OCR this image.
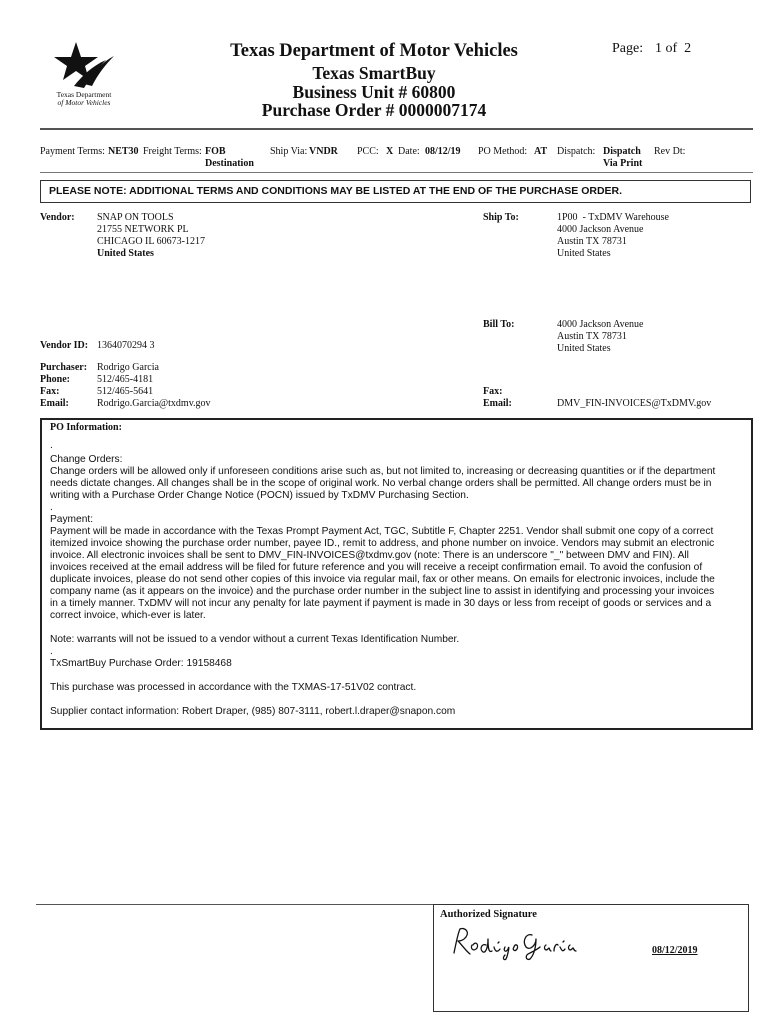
Texas Department
of Motor Vehicles
Texas Department of Motor Vehicles
Texas SmartBuy
Business Unit # 60800
Purchase Order # 0000007174
Page: 1 of  2
Payment Terms: NET30 Freight Terms: FOB
Destination
Ship Via: VNDR PCC: X Date: 08/12/19 PO Method: AT Dispatch: Dispatch
Via Print
Rev Dt:
PLEASE NOTE: ADDITIONAL TERMS AND CONDITIONS MAY BE LISTED AT THE END OF THE PURCHASE ORDER.
Vendor: SNAP ON TOOLS
21755 NETWORK PL
CHICAGO IL 60673-1217
United States
Ship To:	1P00  - TxDMV Warehouse
4000 Jackson Avenue
Austin TX 78731
United States
Bill To:	4000 Jackson Avenue
Austin TX 78731
United States
Vendor ID: 1364070294 3
Purchaser: Rodrigo Garcia
Phone:	512/465-4181
Fax:	512/465-5641
Email:	Rodrigo.Garcia@txdmv.gov
Fax:
Email:	DMV_FIN-INVOICES@TxDMV.gov
PO Information:

.

Change Orders:

Change orders will be allowed only if unforeseen conditions arise such as, but not limited to, increasing or decreasing quantities or if the department

needs dictate changes. All changes shall be in the scope of original work. No verbal change orders shall be permitted. All change orders must be in

writing with a Purchase Order Change Notice (POCN) issued by TxDMV Purchasing Section.

.

Payment:

Payment will be made in accordance with the Texas Prompt Payment Act, TGC, Subtitle F, Chapter 2251. Vendor shall submit one copy of a correct

itemized invoice showing the purchase order number, payee ID., remit to address, and phone number on invoice. Vendors may submit an electronic

invoice. All electronic invoices shall be sent to DMV_FIN-INVOICES@txdmv.gov (note: There is an underscore "_" between DMV and FIN). All

invoices received at the email address will be filed for future reference and you will receive a receipt confirmation email. To avoid the confusion of

duplicate invoices, please do not send other copies of this invoice via regular mail, fax or other means. On emails for electronic invoices, include the

company name (as it appears on the invoice) and the purchase order number in the subject line to assist in identifying and processing your invoices

in a timely manner. TxDMV will not incur any penalty for late payment if payment is made in 30 days or less from receipt of goods or services and a

correct invoice, which-ever is later.

Note: warrants will not be issued to a vendor without a current Texas Identification Number.

.

TxSmartBuy Purchase Order: 19158468

This purchase was processed in accordance with the TXMAS-17-51V02 contract.

Supplier contact information: Robert Draper, (985) 807-3111, robert.l.draper@snapon.com

Authorized Signature
08/12/2019
